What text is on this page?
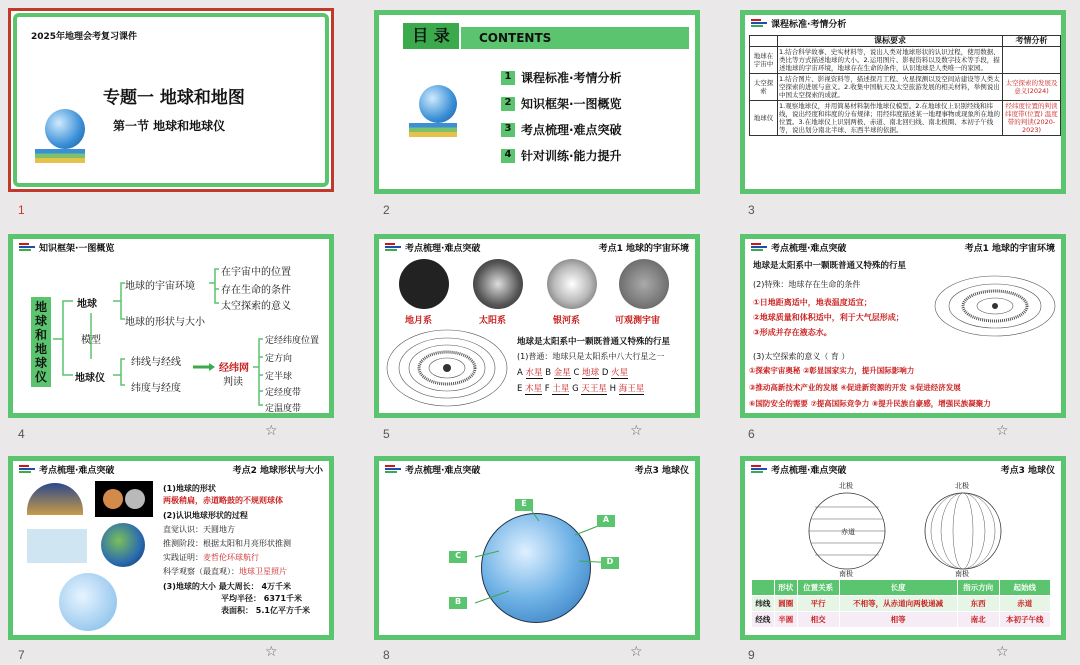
2025年地理会考复习课件
专题一 地球和地图
第一节 地球和地球仪
1
目 录	CONTENTS
1 课程标准·考情分析
2 知识框架·一图概览
3 考点梳理·难点突破
4 针对训练·能力提升
2
课程标准·考情分析
	课标要求	考情分析
地球在宇宙中	1.结合科学故事、史实材料等，说出人类对地球形状的认识过程，使用数据、类比等方式描述地球的大小。2.运用图片、影视资料以及数字技术等手段，描述地球的宇宙环境，地球存在生命的条件，认识地球是人类唯一的家园。	
太空探索	1.结合图片、影视资料等，描述探月工程、火星探测以及空间站建设等人类太空探索的进展与意义。2.收集中国航天及太空旅游发展的相关材料，举例说出中国太空探索的成就。	太空探索的发展及意义(2024)
地球仪	1.观察地球仪，并用简易材料制作地球仪模型。2.在地球仪上识别经线和纬线，说出经度和纬度的分布规律；用经纬度描述某一地理事物或现象所在地的位置。3.在地球仪上识别两极、赤道、南北回归线、南北极圈、本初子午线等，说出划分南北半球、东西半球的依据。	经纬度位置的判读 纬度带(位置) 温度带的判读(2020-2023)
3
知识框架·一图概览
地球和地球仪
地球
地球的宇宙环境
在宇宙中的位置
存在生命的条件
太空探索的意义
地球的形状与大小
模型
地球仪
纬线与经线
纬度与经度
经纬网
判读
定经纬度位置
定方向
定半球
定经度带
定温度带
4	☆
考点梳理·难点突破	考点1 地球的宇宙环境
地月系	太阳系	银河系	可观测宇宙
地球是太阳系中一颗既普通又特殊的行星
(1)普通：地球只是太阳系中八大行星之一
A 水星 B 金星 C 地球 D 火星
E 木星 F 土星 G 天王星 H 海王星
5	☆
考点梳理·难点突破	考点1 地球的宇宙环境
地球是太阳系中一颗既普通又特殊的行星
(2)特殊：地球存在生命的条件
①日地距离适中，地表温度适宜；
②地球质量和体积适中，利于大气层形成；
③形成并存在液态水。
(3)太空探索的意义（ 育 ）
①探索宇宙奥秘 ②彰显国家实力，提升国际影响力
③推动高新技术产业的发展 ④促进新资源的开发 ⑤促进经济发展
⑥国防安全的需要 ⑦提高国际竞争力 ⑧提升民族自豪感，增强民族凝聚力
6	☆
考点梳理·难点突破	考点2 地球形状与大小
(1)地球的形状
两极稍扁，赤道略鼓的不规则球体
(2)认识地球形状的过程
直觉认识：天圆地方
推测阶段：根据太阳和月亮形状推测
实践证明：麦哲伦环球航行
科学观察（最直观）：地球卫星照片
(3)地球的大小 最大周长： 4万千米
平均半径： 6371千米
表面积： 5.1亿平方千米
7	☆
考点梳理·难点突破	考点3 地球仪
E
A
C
D
B
8	☆
考点梳理·难点突破	考点3 地球仪
北极
南极
赤道
北极
南极
	形状	位置关系	长度	指示方向	起始线
纬线	圆圈	平行	不相等，从赤道向两极递减	东西	赤道
经线	半圆	相交	相等	南北	本初子午线
9	☆
